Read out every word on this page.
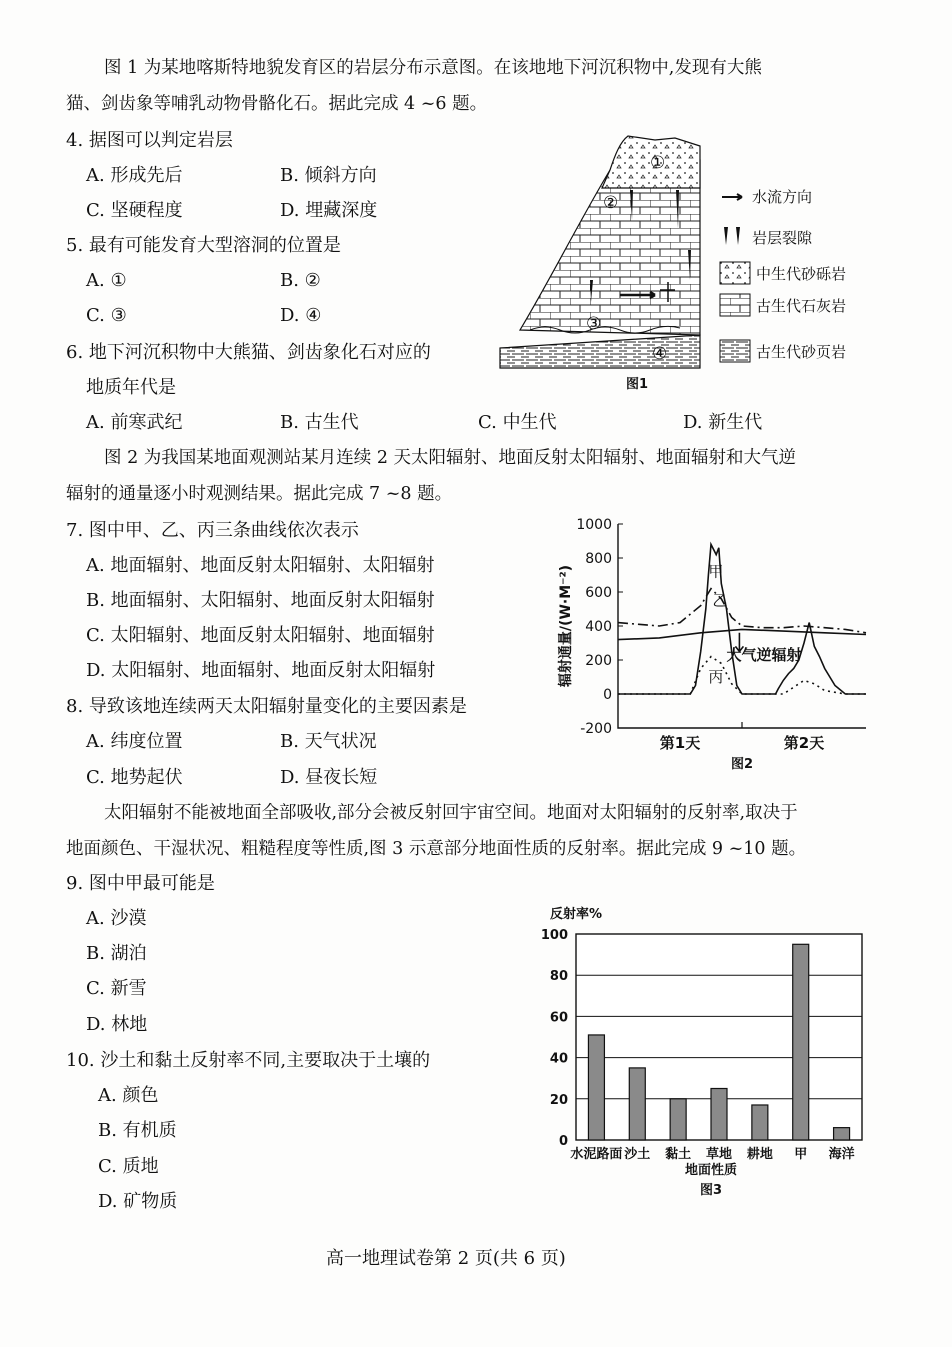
图 1 为某地喀斯特地貌发育区的岩层分布示意图。在该地地下河沉积物中,发现有大熊
猫、剑齿象等哺乳动物骨骼化石。据此完成 4 ~6 题。
4. 据图可以判定岩层
A. 形成先后	B. 倾斜方向
C. 坚硬程度	D. 埋藏深度
5. 最有可能发育大型溶洞的位置是
A. ①	B. ②
C. ③	D. ④
6. 地下河沉积物中大熊猫、剑齿象化石对应的
地质年代是
A. 前寒武纪	B. 古生代	C. 中生代	D. 新生代
①
②
③
④
图1
水流方向
岩层裂隙
中生代砂砾岩
古生代石灰岩
古生代砂页岩
图 2 为我国某地面观测站某月连续 2 天太阳辐射、地面反射太阳辐射、地面辐射和大气逆
辐射的通量逐小时观测结果。据此完成 7 ~8 题。
7. 图中甲、乙、丙三条曲线依次表示
A. 地面辐射、地面反射太阳辐射、太阳辐射
B. 地面辐射、太阳辐射、地面反射太阳辐射
C. 太阳辐射、地面反射太阳辐射、地面辐射
D. 太阳辐射、地面辐射、地面反射太阳辐射
8. 导致该地连续两天太阳辐射量变化的主要因素是
A. 纬度位置	B. 天气状况
C. 地势起伏	D. 昼夜长短
-200
0
200
400
600
800
1000
辐射通量/(W·M⁻²)
第1天	第2天
甲
乙
丙
大气逆辐射
图2
太阳辐射不能被地面全部吸收,部分会被反射回宇宙空间。地面对太阳辐射的反射率,取决于
地面颜色、干湿状况、粗糙程度等性质,图 3 示意部分地面性质的反射率。据此完成 9 ~10 题。
9. 图中甲最可能是
A. 沙漠
B. 湖泊
C. 新雪
D. 林地
10. 沙土和黏土反射率不同,主要取决于土壤的
A. 颜色
B. 有机质
C. 质地
D. 矿物质
反射率%
0
20
40
60
80
100
水泥路面 沙土 黏土 草地 耕地 甲 海洋
地面性质
图3
高一地理试卷第 2 页(共 6 页)
